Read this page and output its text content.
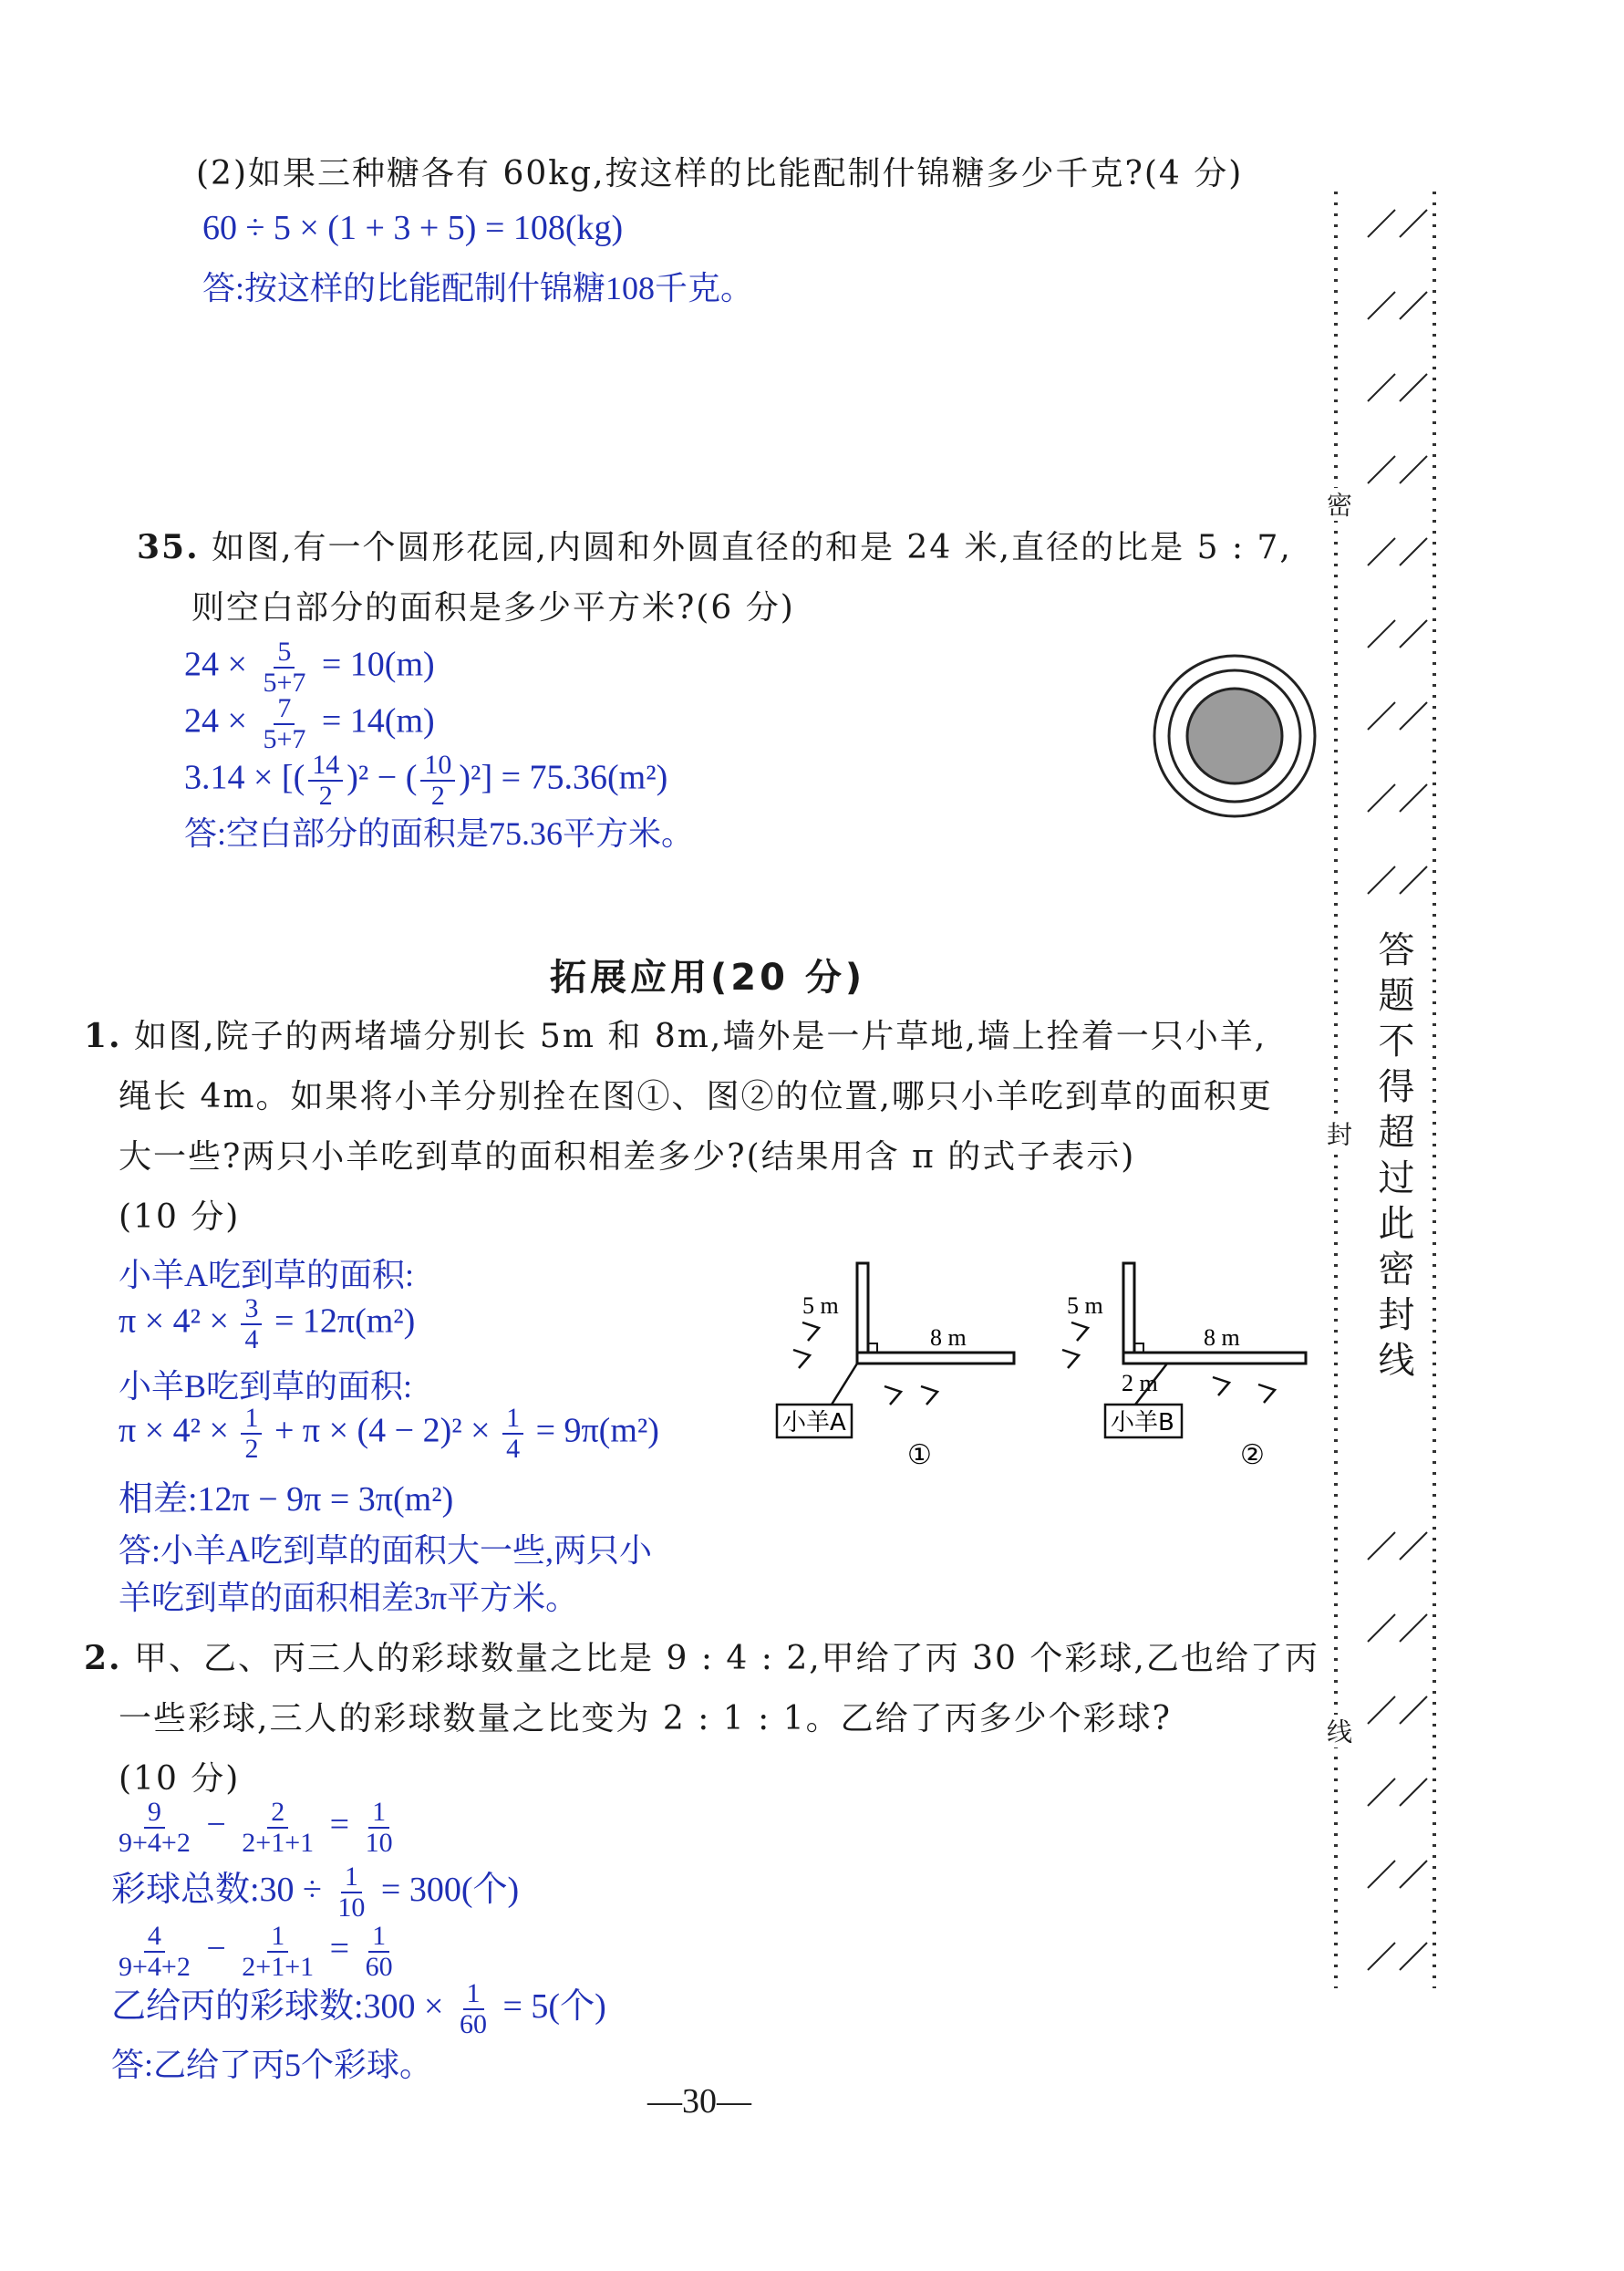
(2)如果三种糖各有 60kg,按这样的比能配制什锦糖多少千克?(4 分)
60 ÷ 5 × (1 + 3 + 5) = 108(kg)
答:按这样的比能配制什锦糖108千克。
35. 如图,有一个圆形花园,内圆和外圆直径的和是 24 米,直径的比是 5 : 7,
则空白部分的面积是多少平方米?(6 分)
$24 \times \frac{5}{5+7} = 10(m)$
$24 \times \frac{7}{5+7} = 14(m)$
3.14 × [( $\frac{14}{2} )^2$ − ( $\frac{10}{2} )^2] = 75.36(m^2)$
答:空白部分的面积是75.36平方米。
拓展应用(20 分)
1. 如图,院子的两堵墙分别长 5m 和 8m,墙外是一片草地,墙上拴着一只小羊,
绳长 4m。如果将小羊分别拴在图①、图②的位置,哪只小羊吃到草的面积更
大一些?两只小羊吃到草的面积相差多少?(结果用含 π 的式子表示)
(10 分)
小羊A吃到草的面积:
$\pi \times 4^2 \times \frac{3}{4} = 12\pi(m^2)$
小羊B吃到草的面积:
$\pi \times 4^2 \times \frac{1}{2} + \pi \times (4 - 2)^2 \times \frac{1}{4} = 9\pi(m^2)$
相差:12π − 9π = 3π(m²)
答:小羊A吃到草的面积大一些,两只小
羊吃到草的面积相差3π平方米。
5 m
8 m
小羊A
①
5 m
8 m
2 m
小羊B
②
2. 甲、乙、丙三人的彩球数量之比是 9 : 4 : 2,甲给了丙 30 个彩球,乙也给了丙
一些彩球,三人的彩球数量之比变为 2 : 1 : 1。乙给了丙多少个彩球?
(10 分)
$\frac{9}{9+4+2} - \frac{2}{2+1+1} = \frac{1}{10}$
彩球总数:30 ÷ $\frac{1}{10} = 300$(个)
$\frac{4}{9+4+2} - \frac{1}{2+1+1} = \frac{1}{60}$
乙给丙的彩球数:300 × $\frac{1}{60} = 5$(个)
答:乙给了丙5个彩球。
密
封
线
答题不得超过此密封线
—30—
